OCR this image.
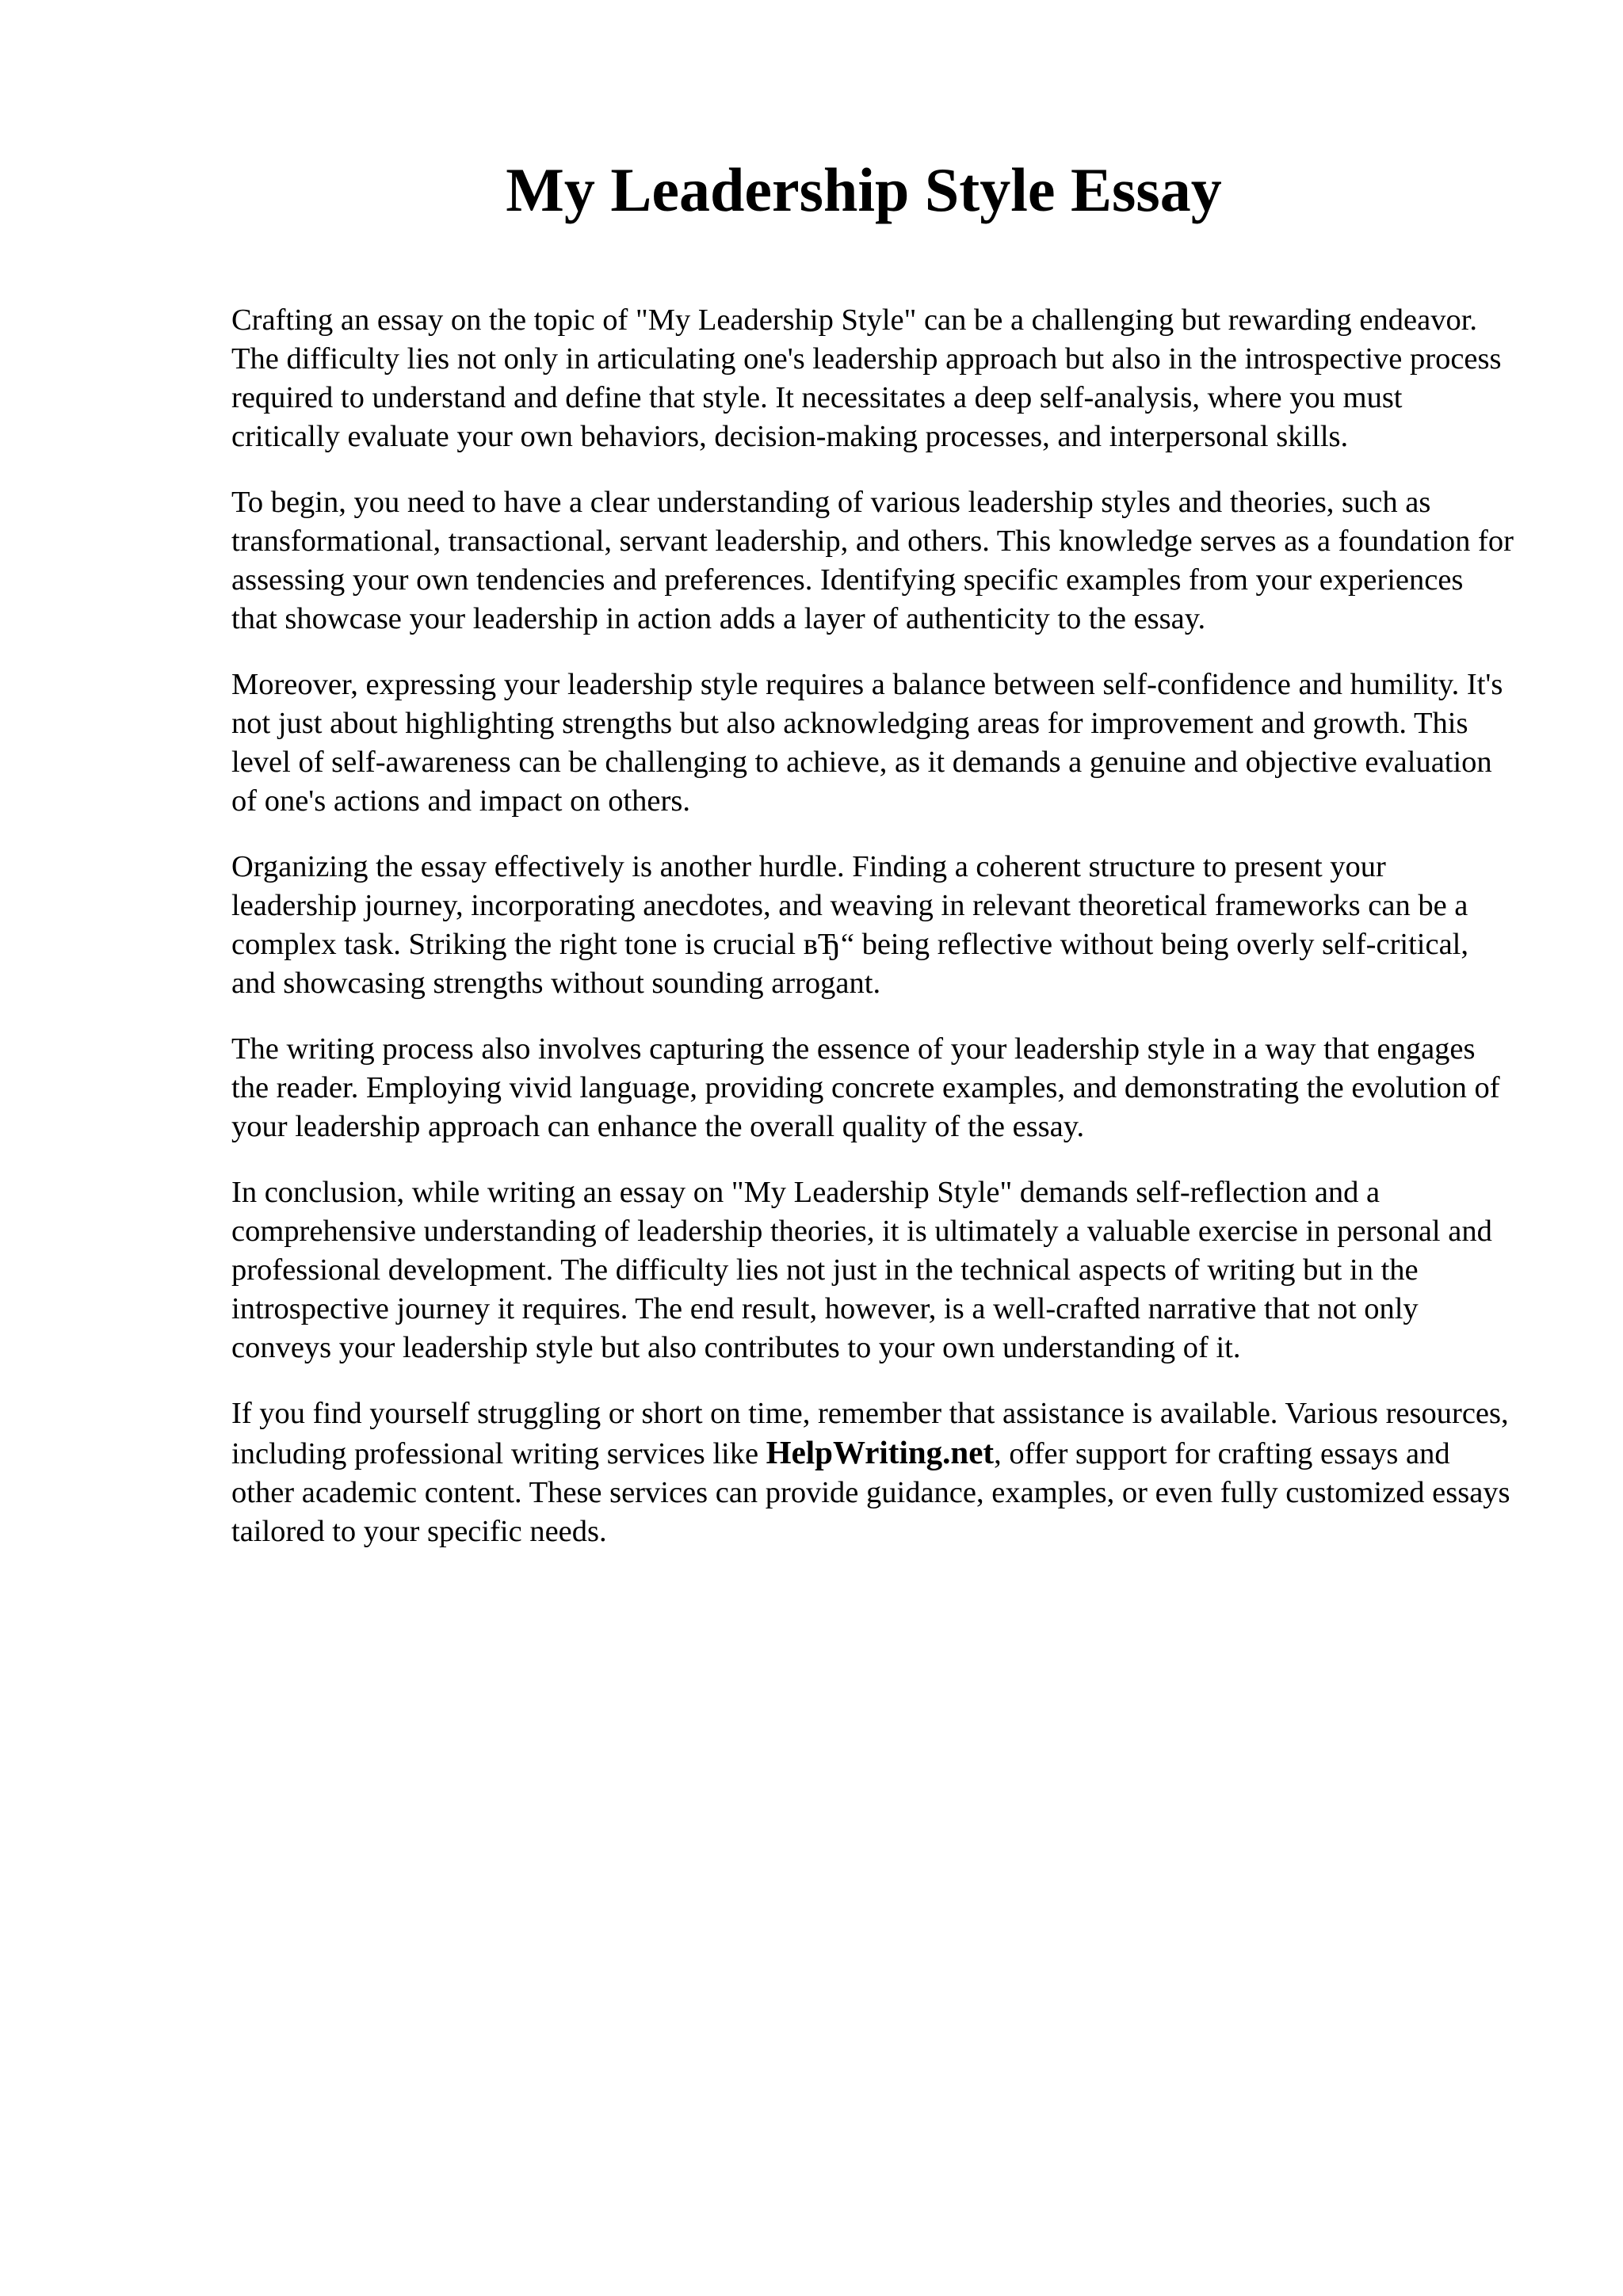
My Leadership Style Essay

Crafting an essay on the topic of "My Leadership Style" can be a challenging but rewarding endeavor. The difficulty lies not only in articulating one's leadership approach but also in the introspective process required to understand and define that style. It necessitates a deep self-analysis, where you must critically evaluate your own behaviors, decision-making processes, and interpersonal skills.

To begin, you need to have a clear understanding of various leadership styles and theories, such as transformational, transactional, servant leadership, and others. This knowledge serves as a foundation for assessing your own tendencies and preferences. Identifying specific examples from your experiences that showcase your leadership in action adds a layer of authenticity to the essay.

Moreover, expressing your leadership style requires a balance between self-confidence and humility. It's not just about highlighting strengths but also acknowledging areas for improvement and growth. This level of self-awareness can be challenging to achieve, as it demands a genuine and objective evaluation of one's actions and impact on others.

Organizing the essay effectively is another hurdle. Finding a coherent structure to present your leadership journey, incorporating anecdotes, and weaving in relevant theoretical frameworks can be a complex task. Striking the right tone is crucial вЂ“ being reflective without being overly self-critical, and showcasing strengths without sounding arrogant.

The writing process also involves capturing the essence of your leadership style in a way that engages the reader. Employing vivid language, providing concrete examples, and demonstrating the evolution of your leadership approach can enhance the overall quality of the essay.

In conclusion, while writing an essay on "My Leadership Style" demands self-reflection and a comprehensive understanding of leadership theories, it is ultimately a valuable exercise in personal and professional development. The difficulty lies not just in the technical aspects of writing but in the introspective journey it requires. The end result, however, is a well-crafted narrative that not only conveys your leadership style but also contributes to your own understanding of it.

If you find yourself struggling or short on time, remember that assistance is available. Various resources, including professional writing services like HelpWriting.net, offer support for crafting essays and other academic content. These services can provide guidance, examples, or even fully customized essays tailored to your specific needs.
